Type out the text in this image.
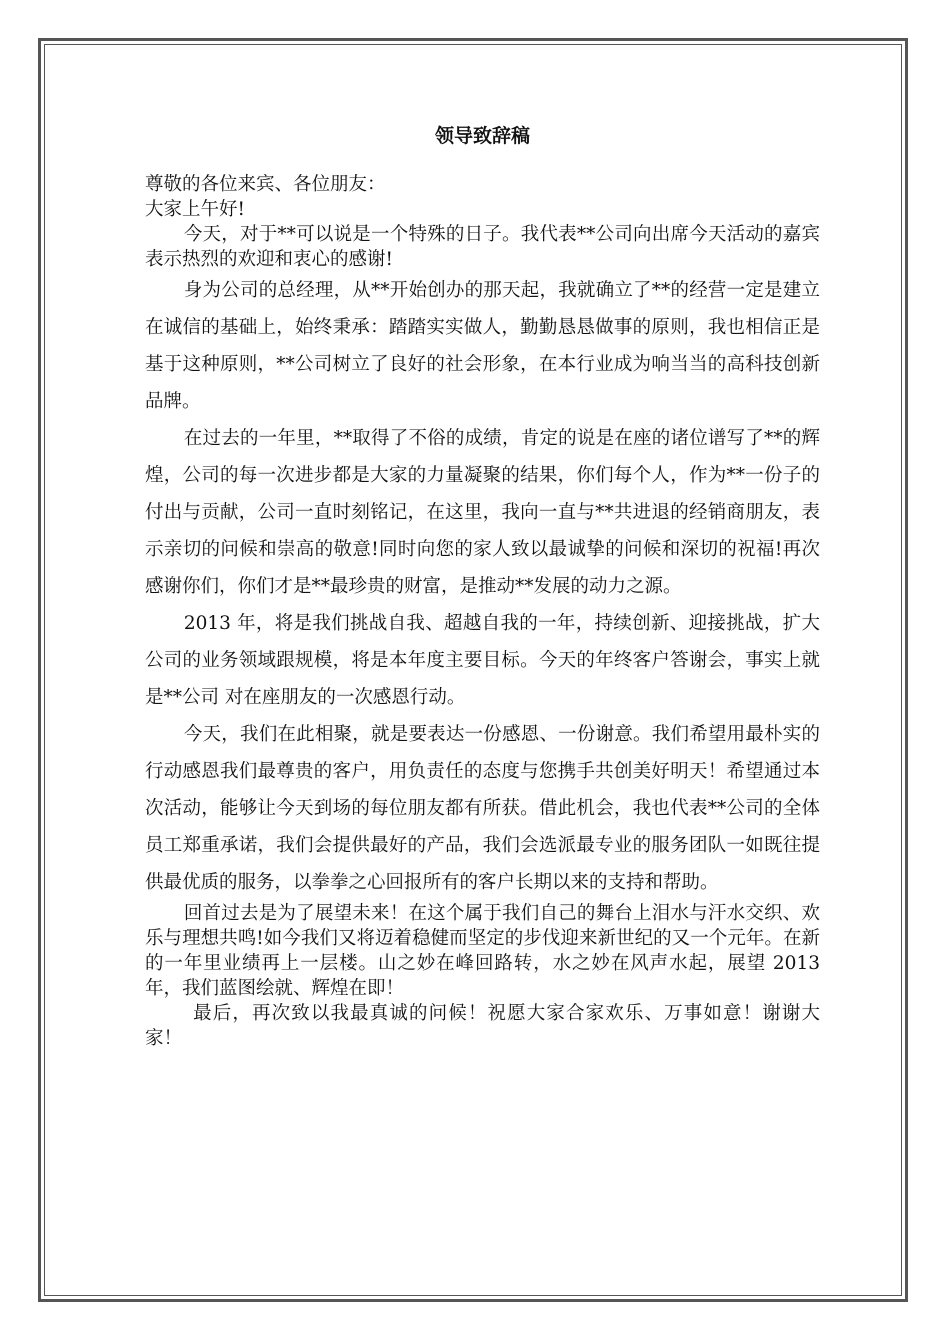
领导致辞稿

尊敬的各位来宾、各位朋友：

大家上午好!

今天，对于**可以说是一个特殊的日子。我代表**公司向出席今天活动的嘉宾表示热烈的欢迎和衷心的感谢!

身为公司的总经理，从**开始创办的那天起，我就确立了**的经营一定是建立在诚信的基础上，始终秉承：踏踏实实做人，勤勤恳恳做事的原则，我也相信正是基于这种原则，**公司树立了良好的社会形象，在本行业成为响当当的高科技创新品牌。

在过去的一年里，**取得了不俗的成绩，肯定的说是在座的诸位谱写了**的辉煌，公司的每一次进步都是大家的力量凝聚的结果，你们每个人，作为**一份子的付出与贡献，公司一直时刻铭记，在这里，我向一直与**共进退的经销商朋友，表示亲切的问候和崇高的敬意!同时向您的家人致以最诚挚的问候和深切的祝福!再次感谢你们，你们才是**最珍贵的财富，是推动**发展的动力之源。

2013 年，将是我们挑战自我、超越自我的一年，持续创新、迎接挑战，扩大公司的业务领域跟规模，将是本年度主要目标。今天的年终客户答谢会，事实上就是**公司 对在座朋友的一次感恩行动。

今天，我们在此相聚，就是要表达一份感恩、一份谢意。我们希望用最朴实的行动感恩我们最尊贵的客户，用负责任的态度与您携手共创美好明天！希望通过本次活动，能够让今天到场的每位朋友都有所获。借此机会，我也代表**公司的全体员工郑重承诺，我们会提供最好的产品，我们会选派最专业的服务团队一如既往提供最优质的服务，以拳拳之心回报所有的客户长期以来的支持和帮助。

回首过去是为了展望未来！在这个属于我们自己的舞台上泪水与汗水交织、欢乐与理想共鸣!如今我们又将迈着稳健而坚定的步伐迎来新世纪的又一个元年。在新的一年里业绩再上一层楼。山之妙在峰回路转，水之妙在风声水起，展望 2013 年，我们蓝图绘就、辉煌在即！

最后，再次致以我最真诚的问候！祝愿大家合家欢乐、万事如意！谢谢大家！
